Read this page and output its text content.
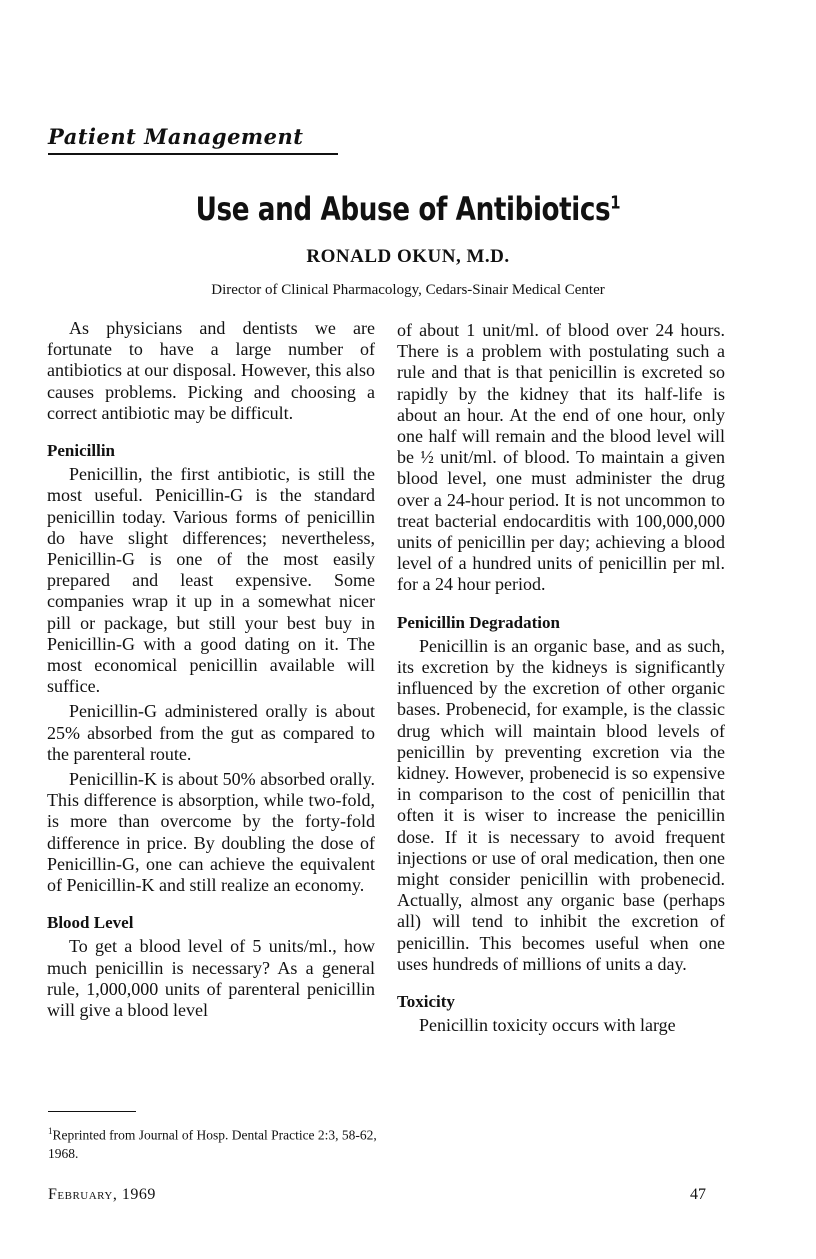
Patient Management
Use and Abuse of Antibiotics$^1$
RONALD OKUN, M.D.
Director of Clinical Pharmacology, Cedars-Sinair Medical Center

As physicians and dentists we are fortunate to have a large number of antibiotics at our disposal. However, this also causes problems. Picking and choosing a correct antibiotic may be difficult.

Penicillin

Penicillin, the first antibiotic, is still the most useful. Penicillin-G is the standard penicillin today. Various forms of penicillin do have slight differences; nevertheless, Penicillin-G is one of the most easily prepared and least expensive. Some companies wrap it up in a somewhat nicer pill or package, but still your best buy in Penicillin-G with a good dating on it. The most economical penicillin available will suffice.

Penicillin-G administered orally is about 25% absorbed from the gut as compared to the parenteral route.

Penicillin-K is about 50% absorbed orally. This difference is absorption, while two-fold, is more than overcome by the forty-fold difference in price. By doubling the dose of Penicillin-G, one can achieve the equivalent of Penicillin-K and still realize an economy.

Blood Level

To get a blood level of 5 units/ml., how much penicillin is necessary? As a general rule, 1,000,000 units of parenteral penicillin will give a blood level

of about 1 unit/ml. of blood over 24 hours. There is a problem with postulating such a rule and that is that penicillin is excreted so rapidly by the kidney that its half-life is about an hour. At the end of one hour, only one half will remain and the blood level will be ½ unit/ml. of blood. To maintain a given blood level, one must administer the drug over a 24-hour period. It is not uncommon to treat bacterial endocarditis with 100,000,000 units of penicillin per day; achieving a blood level of a hundred units of penicillin per ml. for a 24 hour period.

Penicillin Degradation

Penicillin is an organic base, and as such, its excretion by the kidneys is significantly influenced by the excretion of other organic bases. Probenecid, for example, is the classic drug which will maintain blood levels of penicillin by preventing excretion via the kidney. However, probenecid is so expensive in comparison to the cost of penicillin that often it is wiser to increase the penicillin dose. If it is necessary to avoid frequent injections or use of oral medication, then one might consider penicillin with probenecid. Actually, almost any organic base (perhaps all) will tend to inhibit the excretion of penicillin. This becomes useful when one uses hundreds of millions of units a day.

Toxicity

Penicillin toxicity occurs with large

$^1$Reprinted from Journal of Hosp. Dental Practice 2:3, 58-62, 1968.
February, 1969	47
